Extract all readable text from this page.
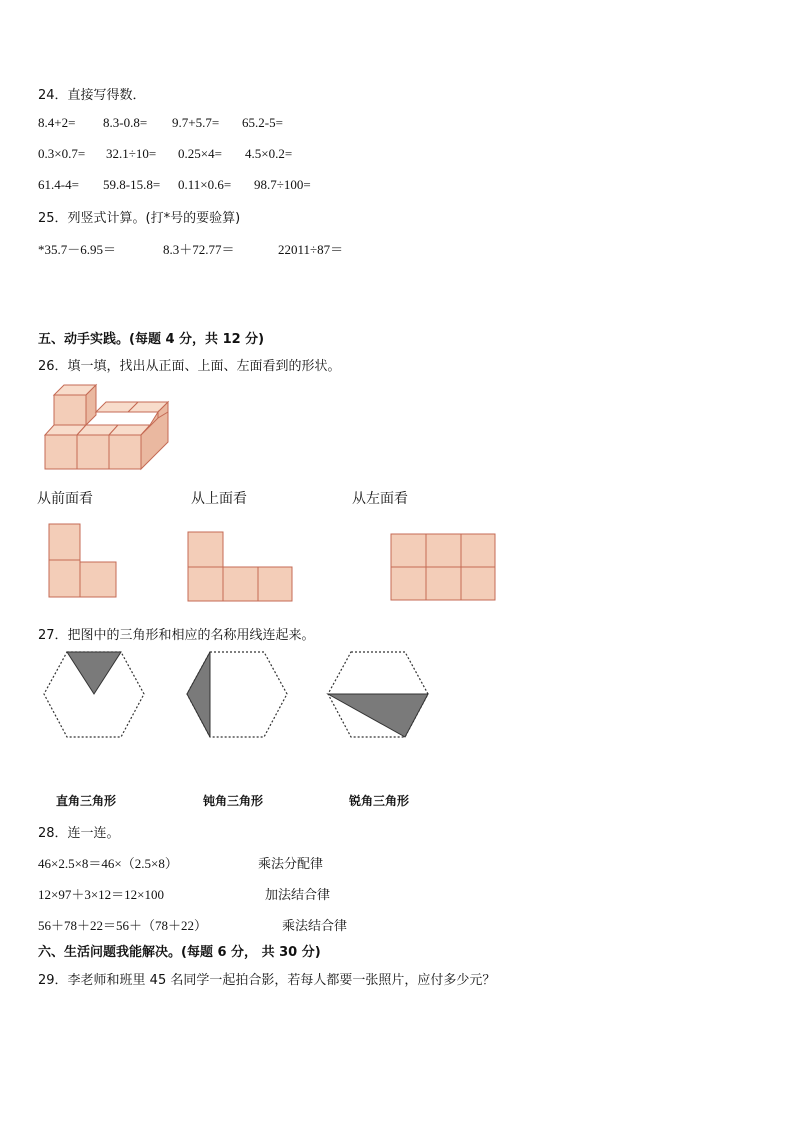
24．直接写得数．
8.4+2= 8.3-0.8= 9.7+5.7= 65.2-5=
0.3×0.7= 32.1÷10= 0.25×4= 4.5×0.2=
61.4-4= 59.8-15.8= 0.11×0.6= 98.7÷100=
25．列竖式计算。(打*号的要验算)
*35.7－6.95＝	8.3＋72.77＝	22011÷87＝
五、动手实践。(每题 4 分，共 12 分)
26．填一填，找出从正面、上面、左面看到的形状。
从前面看	从上面看	从左面看
27．把图中的三角形和相应的名称用线连起来。
直角三角形	钝角三角形	锐角三角形
28．连一连。
46×2.5×8＝46×（2.5×8）
12×97＋3×12＝12×100
56＋78＋22＝56＋（78＋22）
乘法分配律
加法结合律
乘法结合律
六、生活问题我能解决。(每题 6 分， 共 30 分)
29．李老师和班里 45 名同学一起拍合影，若每人都要一张照片，应付多少元？
